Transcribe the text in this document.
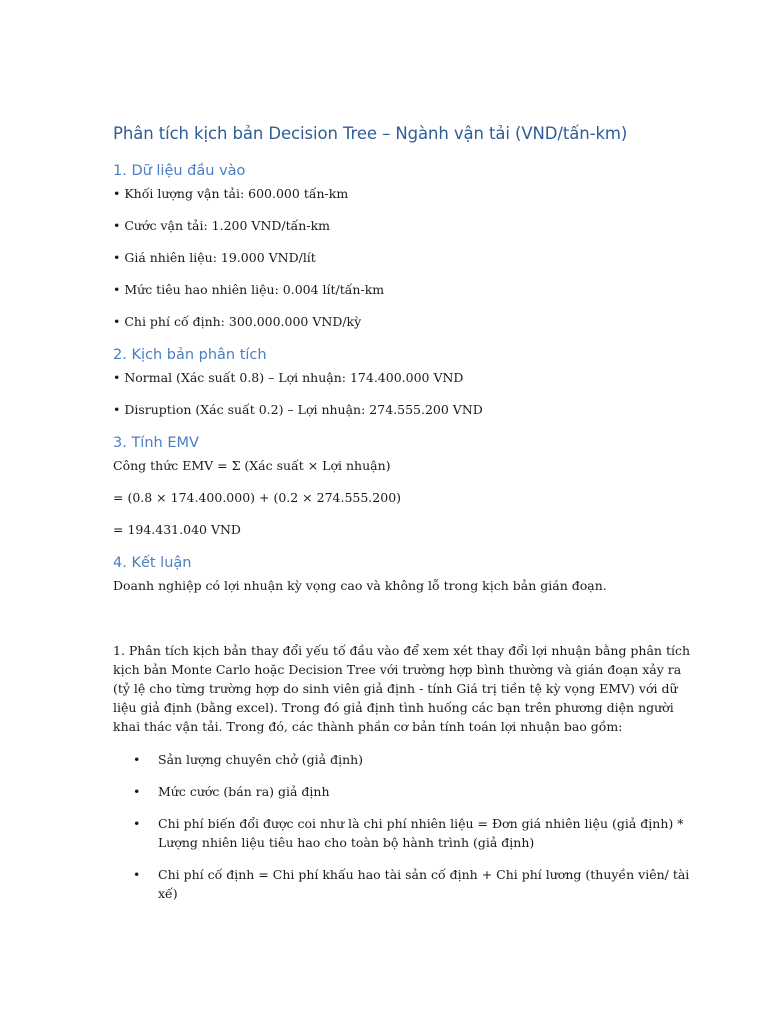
Phân tích kịch bản Decision Tree – Ngành vận tải (VND/tấn-km)
1. Dữ liệu đầu vào
• Khối lượng vận tải: 600.000 tấn-km
• Cước vận tải: 1.200 VND/tấn-km
• Giá nhiên liệu: 19.000 VND/lít
• Mức tiêu hao nhiên liệu: 0.004 lít/tấn-km
• Chi phí cố định: 300.000.000 VND/kỳ
2. Kịch bản phân tích
• Normal (Xác suất 0.8) – Lợi nhuận: 174.400.000 VND
• Disruption (Xác suất 0.2) – Lợi nhuận: 274.555.200 VND
3. Tính EMV
Công thức EMV = Σ (Xác suất × Lợi nhuận)
= (0.8 × 174.400.000) + (0.2 × 274.555.200)
= 194.431.040 VND
4. Kết luận
Doanh nghiệp có lợi nhuận kỳ vọng cao và không lỗ trong kịch bản gián đoạn.
1. Phân tích kịch bản thay đổi yếu tố đầu vào để xem xét thay đổi lợi nhuận bằng phân tích
kịch bản Monte Carlo hoặc Decision Tree với trường hợp bình thường và gián đoạn xảy ra
(tỷ lệ cho từng trường hợp do sinh viên giả định - tính Giá trị tiền tệ kỳ vọng EMV) với dữ
liệu giả định (bằng excel). Trong đó giả định tình huống các bạn trên phương diện người
khai thác vận tải. Trong đó, các thành phần cơ bản tính toán lợi nhuận bao gồm:
• Sản lượng chuyên chở (giả định)
• Mức cước (bán ra) giả định
• Chi phí biến đổi được coi như là chi phí nhiên liệu = Đơn giá nhiên liệu (giả định) *
Lượng nhiên liệu tiêu hao cho toàn bộ hành trình (giả định)
• Chi phí cố định = Chi phí khấu hao tài sản cố định + Chi phí lương (thuyền viên/ tài
xế)
